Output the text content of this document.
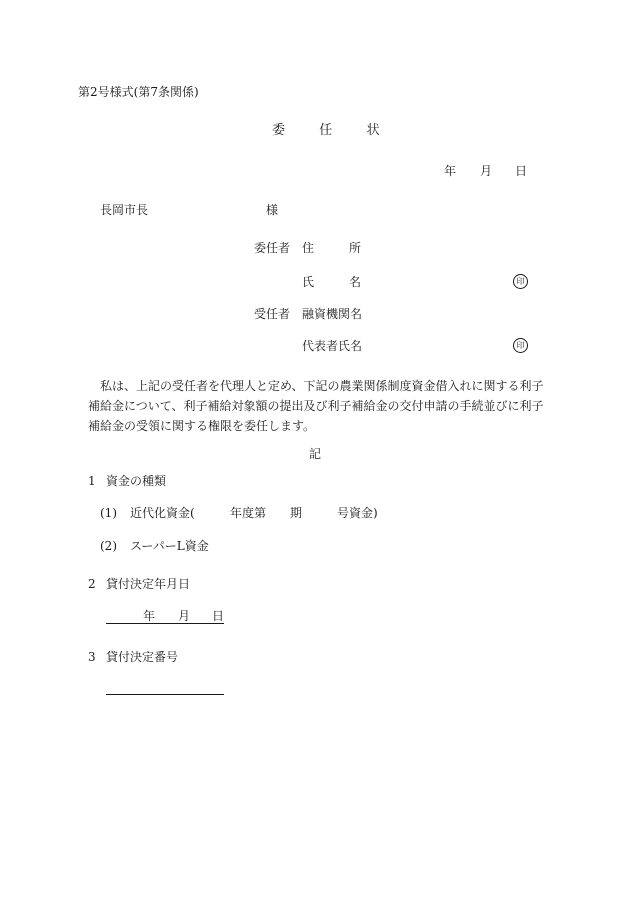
第2号様式(第7条関係)
委	任	状
年 月 日
長岡市長	様
委任者 住	所
氏	名	印
受任者 融資機関名
代表者氏名	印
私は、上記の受任者を代理人と定め、下記の農業関係制度資金借入れに関する利子補給金について、利子補給対象額の提出及び利子補給金の交付申請の手続並びに利子補給金の受領に関する権限を委任します。
記
1 資金の種類
(1) 近代化資金(	年度第 期	号資金)
(2) スーパーL資金
2 貸付決定年月日
年 月 日
3 貸付決定番号
